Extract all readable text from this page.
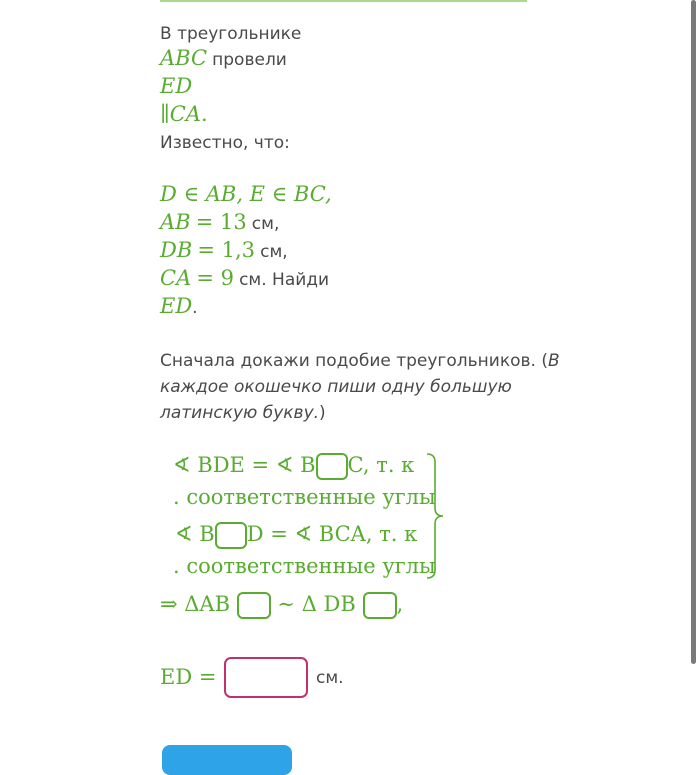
В треугольнике
ABC провели
ED
∥CA.
Известно, что:
D ∈ AB, E ∈ BC,
AB = 13 см,
DB = 1,3 см,
CA = 9 см. Найди
ED.
Сначала докажи подобие треугольников. (В
каждое окошечко пиши одну большую
латинскую букву.)
∢ BDE = ∢ B C, т. к
. соответственные углы
∢ B D = ∢ BCA, т. к
. соответственные углы
⇒ ΔAB ∼ Δ DB ,
ED =	см.
